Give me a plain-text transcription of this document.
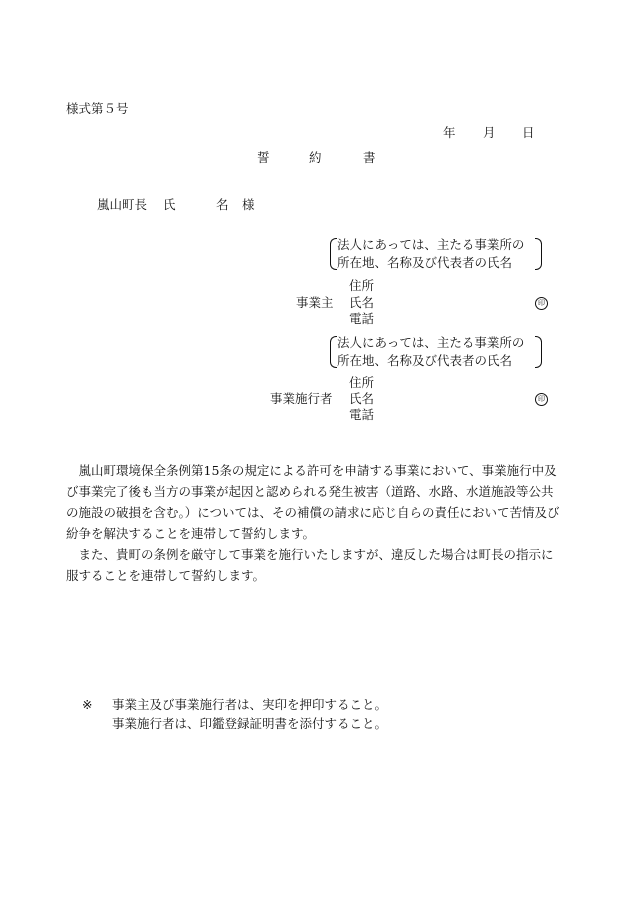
様式第５号
年 月 日
誓	約	書
嵐山町長 氏	名 様
法人にあっては、主たる事業所の
所在地、名称及び代表者の氏名
住所
事業主 氏名	印
電話
法人にあっては、主たる事業所の
所在地、名称及び代表者の氏名
住所
事業施行者 氏名	印
電話

嵐山町環境保全条例第15条の規定による許可を申請する事業において、事業施行中及び事業完了後も当方の事業が起因と認められる発生被害（道路、水路、水道施設等公共の施設の破損を含む。）については、その補償の請求に応じ自らの責任において苦情及び紛争を解決することを連帯して誓約します。

また、貴町の条例を厳守して事業を施行いたしますが、違反した場合は町長の指示に服することを連帯して誓約します。

※ 事業主及び事業施行者は、実印を押印すること。
事業施行者は、印鑑登録証明書を添付すること。
